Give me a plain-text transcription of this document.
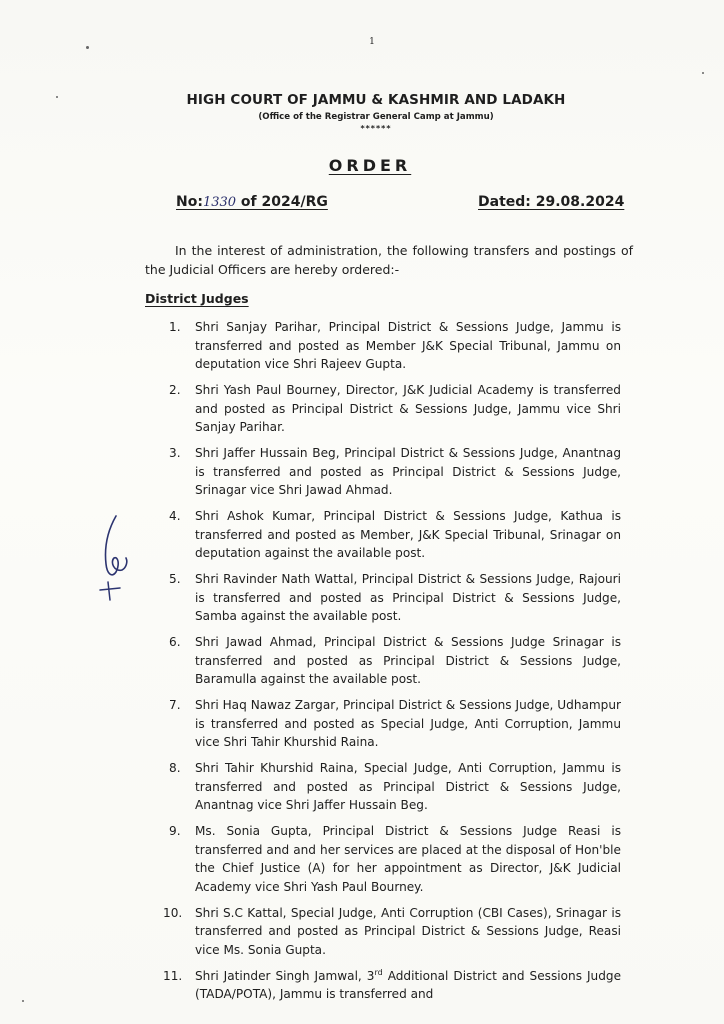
1
HIGH COURT OF JAMMU & KASHMIR AND LADAKH
(Office of the Registrar General Camp at Jammu)
******
ORDER
No:1330 of 2024/RG	Dated: 29.08.2024
In the interest of administration, the following transfers and postings of the Judicial Officers are hereby ordered:-
District Judges
1. Shri Sanjay Parihar, Principal District & Sessions Judge, Jammu is transferred and posted as Member J&K Special Tribunal, Jammu on deputation vice Shri Rajeev Gupta.
2. Shri Yash Paul Bourney, Director, J&K Judicial Academy is transferred and posted as Principal District & Sessions Judge, Jammu vice Shri Sanjay Parihar.
3. Shri Jaffer Hussain Beg, Principal District & Sessions Judge, Anantnag is transferred and posted as Principal District & Sessions Judge, Srinagar vice Shri Jawad Ahmad.
4. Shri Ashok Kumar, Principal District & Sessions Judge, Kathua is transferred and posted as Member, J&K Special Tribunal, Srinagar on deputation against the available post.
5. Shri Ravinder Nath Wattal, Principal District & Sessions Judge, Rajouri is transferred and posted as Principal District & Sessions Judge, Samba against the available post.
6. Shri Jawad Ahmad, Principal District & Sessions Judge Srinagar is transferred and posted as Principal District & Sessions Judge, Baramulla against the available post.
7. Shri Haq Nawaz Zargar, Principal District & Sessions Judge, Udhampur is transferred and posted as Special Judge, Anti Corruption, Jammu vice Shri Tahir Khurshid Raina.
8. Shri Tahir Khurshid Raina, Special Judge, Anti Corruption, Jammu is transferred and posted as Principal District & Sessions Judge, Anantnag vice Shri Jaffer Hussain Beg.
9. Ms. Sonia Gupta, Principal District & Sessions Judge Reasi is transferred and and her services are placed at the disposal of Hon'ble the Chief Justice (A) for her appointment as Director, J&K Judicial Academy vice Shri Yash Paul Bourney.
10. Shri S.C Kattal, Special Judge, Anti Corruption (CBI Cases), Srinagar is transferred and posted as Principal District & Sessions Judge, Reasi vice Ms. Sonia Gupta.
11. Shri Jatinder Singh Jamwal, 3rd Additional District and Sessions Judge (TADA/POTA), Jammu is transferred and
